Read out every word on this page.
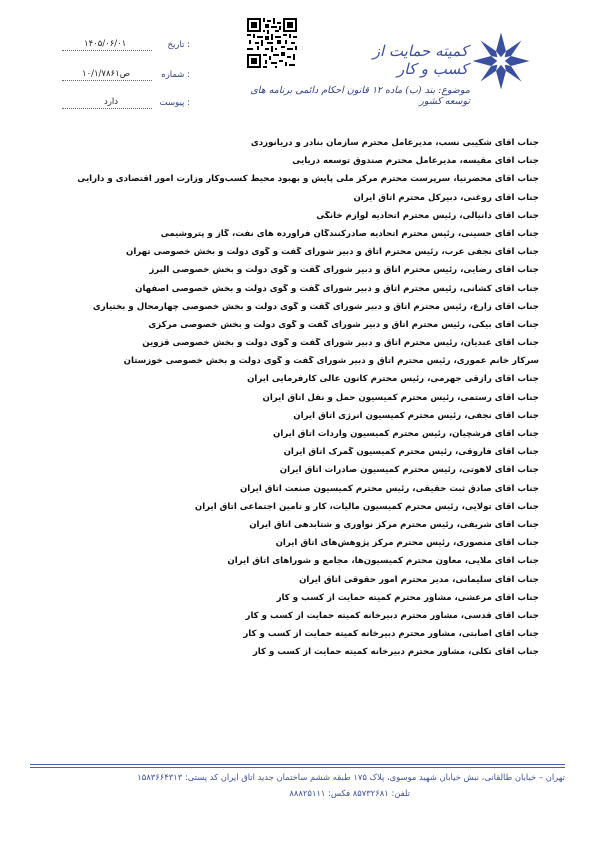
تاریخ :
۱۴۰۵/۰۶/۰۱
شماره :
۱۰/۱/۷۸۶۱ص
پیوست :
دارد
کمیته حمایت از کسب و کار
موضوع: بند (ب) ماده ۱۲ قانون احکام دائمی برنامه های توسعه کشور
جناب آقای شکیبی نسب، مدیرعامل محترم سازمان بنادر و دریانوردی
جناب آقای مقیسه، مدیرعامل محترم صندوق توسعه دریایی
جناب آقای محضرنیا، سرپرست محترم مرکز ملی پایش و بهبود محیط کسب‌وکار وزارت امور اقتصادی و دارایی
جناب آقای روغنی، دبیرکل محترم اتاق ایران
جناب آقای دانیالی، رئیس محترم اتحادیه لوازم خانگی
جناب آقای حسینی، رئیس محترم اتحادیه صادرکنندگان فراورده های نفت، گاز و پتروشیمی
جناب آقای نجفی عرب، رئیس محترم اتاق و دبیر شورای گفت و گوی دولت و بخش خصوصی تهران
جناب آقای رضایی، رئیس محترم اتاق و دبیر شورای گفت و گوی دولت و بخش خصوصی البرز
جناب آقای کشانی، رئیس محترم اتاق و دبیر شورای گفت و گوی دولت و بخش خصوصی اصفهان
جناب آقای زارع، رئیس محترم اتاق و دبیر شورای گفت و گوی دولت و بخش خصوصی چهارمحال و بختیاری
جناب آقای بیکی، رئیس محترم اتاق و دبیر شورای گفت و گوی دولت و بخش خصوصی مرکزی
جناب آقای عبدیان، رئیس محترم اتاق و دبیر شورای گفت و گوی دولت و بخش خصوصی قزوین
سرکار خانم عموری، رئیس محترم اتاق و دبیر شورای گفت و گوی دولت و بخش خصوصی خوزستان
جناب آقای رازقی جهرمی، رئیس محترم کانون عالی کارفرمایی ایران
جناب آقای رستمی، رئیس محترم کمیسیون حمل و نقل اتاق ایران
جناب آقای نجفی، رئیس محترم کمیسیون انرژی اتاق ایران
جناب آقای فرشچیان، رئیس محترم کمیسیون واردات اتاق ایران
جناب آقای فاروقی، رئیس محترم کمیسیون گمرک اتاق ایران
جناب آقای لاهوتی، رئیس محترم کمیسیون صادرات اتاق ایران
جناب آقای صادق ثبت حقیقی، رئیس محترم کمیسیون صنعت اتاق ایران
جناب آقای تولایی، رئیس محترم کمیسیون مالیات، کار و تأمین اجتماعی اتاق ایران
جناب آقای شریفی، رئیس محترم مرکز نوآوری و شتابدهی اتاق ایران
جناب آقای منصوری، رئیس محترم مرکز پژوهش‌های اتاق ایران
جناب آقای ملایی، معاون محترم کمیسیون‌ها، مجامع و شوراهای اتاق ایران
جناب آقای سلیمانی، مدیر محترم امور حقوقی اتاق ایران
جناب آقای مرعشی، مشاور محترم کمیته حمایت از کسب و کار
جناب آقای قدسی، مشاور محترم دبیرخانه کمیته حمایت از کسب و کار
جناب آقای اصابتی، مشاور محترم دبیرخانه کمیته حمایت از کسب و کار
جناب آقای تکلی، مشاور محترم دبیرخانه کمیته حمایت از کسب و کار
تهران – خیابان طالقانی، نبش خیابان شهید موسوی، پلاک ۱۷۵ طبقه ششم ساختمان جدید اتاق ایران کد پستی: ۱۵۸۳۶۶۴۳۱۳
تلفن: ۸۵۷۳۲۶۸۱ فکس: ۸۸۸۲۵۱۱۱
